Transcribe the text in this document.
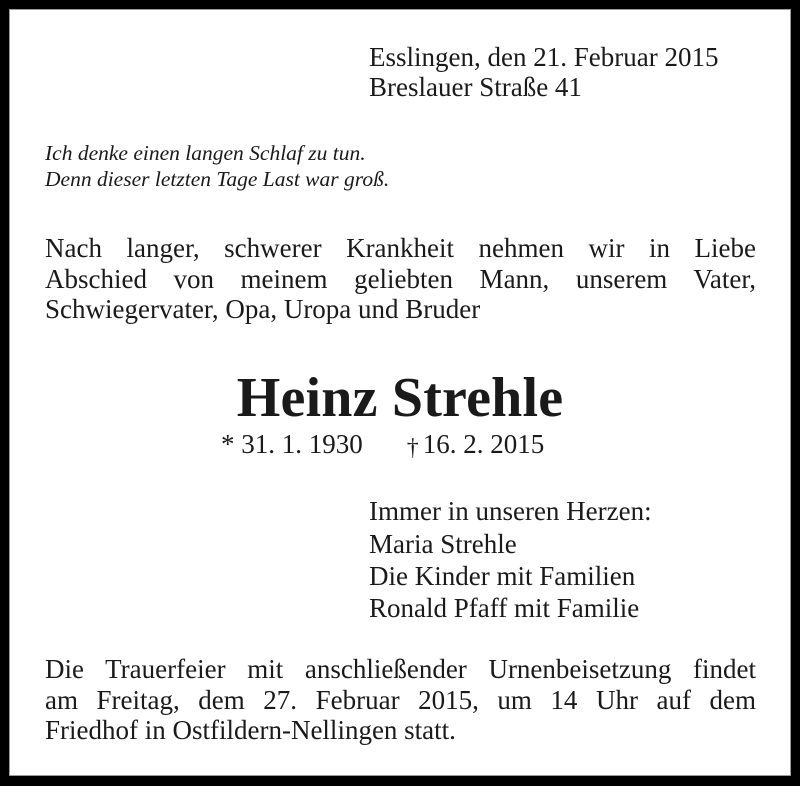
Esslingen, den 21. Februar 2015
Breslauer Straße 41
Ich denke einen langen Schlaf zu tun.
Denn dieser letzten Tage Last war groß.
Nach langer, schwerer Krankheit nehmen wir in Liebe
Abschied von meinem geliebten Mann, unserem Vater,
Schwiegervater, Opa, Uropa und Bruder
Heinz Strehle
* 31. 1. 1930 † 16. 2. 2015
Immer in unseren Herzen:
Maria Strehle
Die Kinder mit Familien
Ronald Pfaff mit Familie
Die Trauerfeier mit anschließender Urnenbeisetzung findet
am Freitag, dem 27. Februar 2015, um 14 Uhr auf dem
Friedhof in Ostfildern-Nellingen statt.
